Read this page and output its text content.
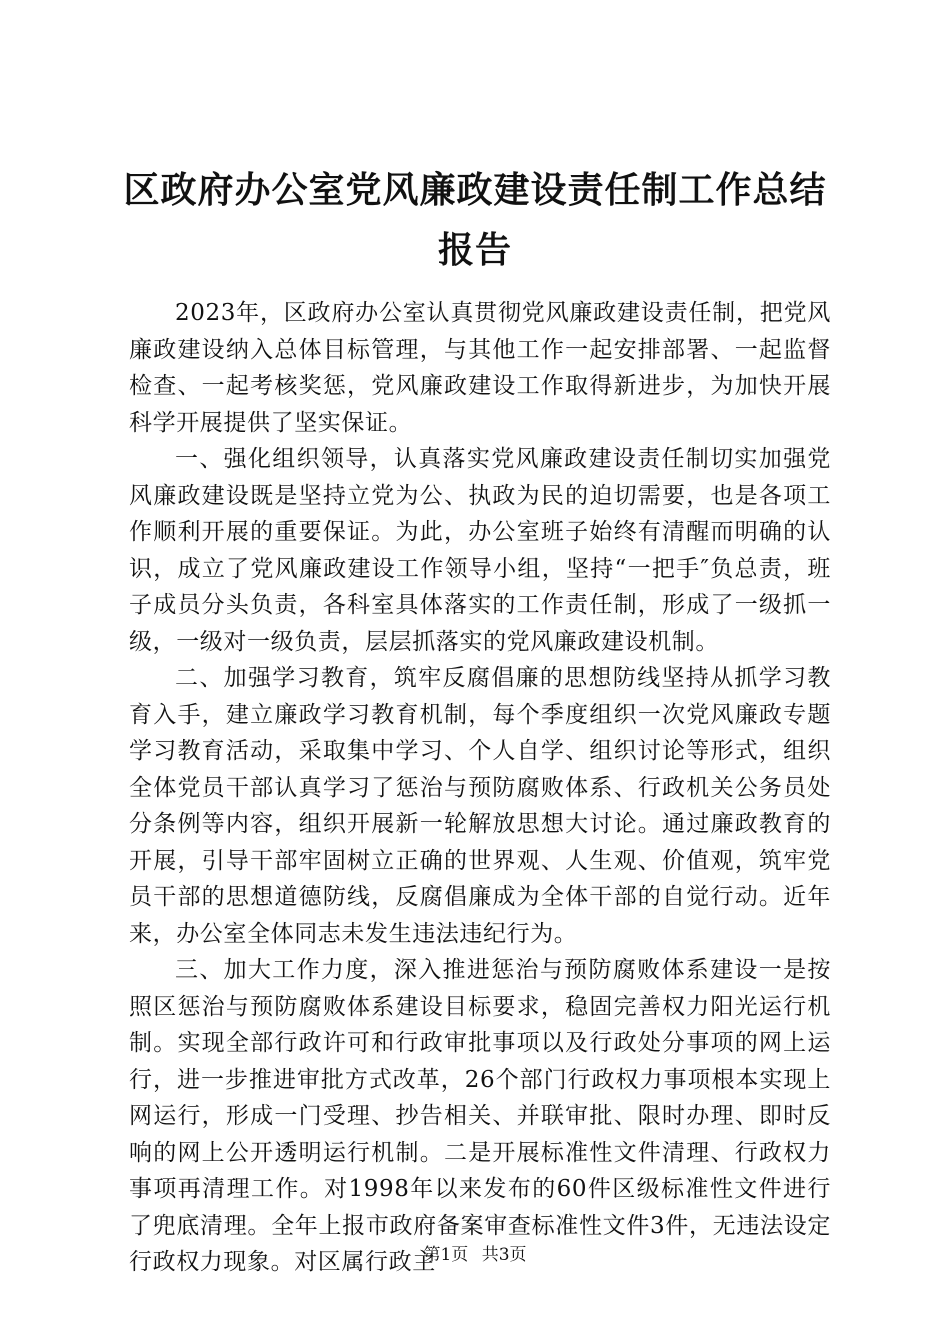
区政府办公室党风廉政建设责任制工作总结报告

2023年，区政府办公室认真贯彻党风廉政建设责任制，把党风廉政建设纳入总体目标管理，与其他工作一起安排部署、一起监督检查、一起考核奖惩，党风廉政建设工作取得新进步，为加快开展科学开展提供了坚实保证。

一、强化组织领导，认真落实党风廉政建设责任制切实加强党风廉政建设既是坚持立党为公、执政为民的迫切需要，也是各项工作顺利开展的重要保证。为此，办公室班子始终有清醒而明确的认识，成立了党风廉政建设工作领导小组，坚持“一把手″负总责，班子成员分头负责，各科室具体落实的工作责任制，形成了一级抓一级，一级对一级负责，层层抓落实的党风廉政建设机制。

二、加强学习教育，筑牢反腐倡廉的思想防线坚持从抓学习教育入手，建立廉政学习教育机制，每个季度组织一次党风廉政专题学习教育活动，采取集中学习、个人自学、组织讨论等形式，组织全体党员干部认真学习了惩治与预防腐败体系、行政机关公务员处分条例等内容，组织开展新一轮解放思想大讨论。通过廉政教育的开展，引导干部牢固树立正确的世界观、人生观、价值观，筑牢党员干部的思想道德防线，反腐倡廉成为全体干部的自觉行动。近年来，办公室全体同志未发生违法违纪行为。

三、加大工作力度，深入推进惩治与预防腐败体系建设一是按照区惩治与预防腐败体系建设目标要求，稳固完善权力阳光运行机制。实现全部行政许可和行政审批事项以及行政处分事项的网上运行，进一步推进审批方式改革，26个部门行政权力事项根本实现上网运行，形成一门受理、抄告相关、并联审批、限时办理、即时反响的网上公开透明运行机制。二是开展标准性文件清理、行政权力事项再清理工作。对1998年以来发布的60件区级标准性文件进行了兜底清理。全年上报市政府备案审查标准性文件3件，无违法设定行政权力现象。对区属行政主

第1页 共3页
